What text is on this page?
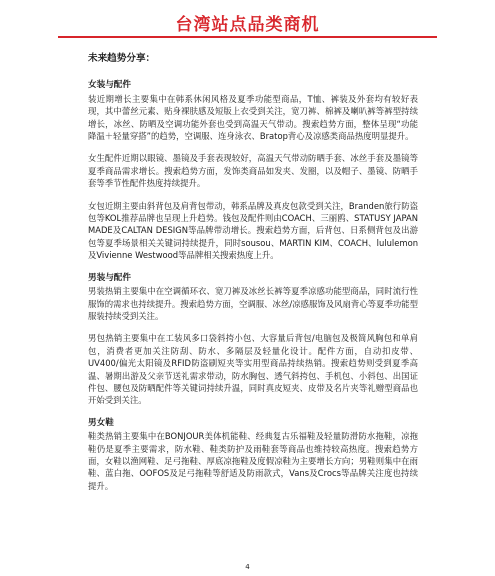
台湾站点品类商机
未来趋势分享：
女装与配件

装近期增长主要集中在韩系休闲风格及夏季功能型商品，T恤、裤装及外套均有较好表现，其中蕾丝元素、贴身裸肤感及短版上衣受到关注，宽刀裤、棉裤及喇叭裤等裤型持续增长，冰丝、防晒及空调功能外套也受到高温天气带动。搜索趋势方面，整体呈现“功能降温＋轻量穿搭”的趋势，空调服、连身泳衣、Bratop背心及凉感类商品热度明显提升。

女生配件近期以眼镜、墨镜及手套表现较好，高温天气带动防晒手套、冰丝手套及墨镜等夏季商品需求增长。搜索趋势方面，发饰类商品如发夹、发圈，以及帽子、墨镜、防晒手套等季节性配件热度持续提升。

女包近期主要由斜背包及肩背包带动，韩系品牌及真皮包款受到关注，Branden旅行防盗包等KOL推荐品牌也呈现上升趋势。钱包及配件则由COACH、三丽鸥、STATUSY JAPAN MADE及CALTAN DESIGN等品牌带动增长。搜索趋势方面，后背包、日系侧背包及出游包等夏季场景相关关键词持续提升，同时sousou、MARTIN KIM、COACH、lululemon及Vivienne Westwood等品牌相关搜索热度上升。

男装与配件

男装热销主要集中在空调循环衣、宽刀裤及冰丝长裤等夏季凉感功能型商品，同时流行性服饰的需求也持续提升。搜索趋势方面，空调服、冰丝/凉感服饰及风扇背心等夏季功能型服装持续受到关注。

男包热销主要集中在工装风多口袋斜挎小包、大容量后背包/电脑包及极简风胸包和单肩包，消费者更加关注防刮、防水、多隔层及轻量化设计。配件方面，自动扣皮带、UV400/偏光太阳镜及RFID防盗刷短夹等实用型商品持续热销。搜索趋势则受到夏季高温、暑期出游及父亲节送礼需求带动，防水胸包、透气斜挎包、手机包、小斜包、出国证件包、腰包及防晒配件等关键词持续升温，同时真皮短夹、皮带及名片夹等礼赠型商品也开始受到关注。

男女鞋

鞋类热销主要集中在BONJOUR美体机能鞋、经典复古乐福鞋及轻量防滑防水拖鞋，凉拖鞋仍是夏季主要需求，防水鞋、鞋类防护及雨鞋套等商品也维持较高热度。搜索趋势方面，女鞋以渔网鞋、足弓拖鞋、厚底凉拖鞋及度假凉鞋为主要增长方向；男鞋则集中在雨鞋、蓝白拖、OOFOS及足弓拖鞋等舒适及防雨款式，Vans及Crocs等品牌关注度也持续提升。

4
